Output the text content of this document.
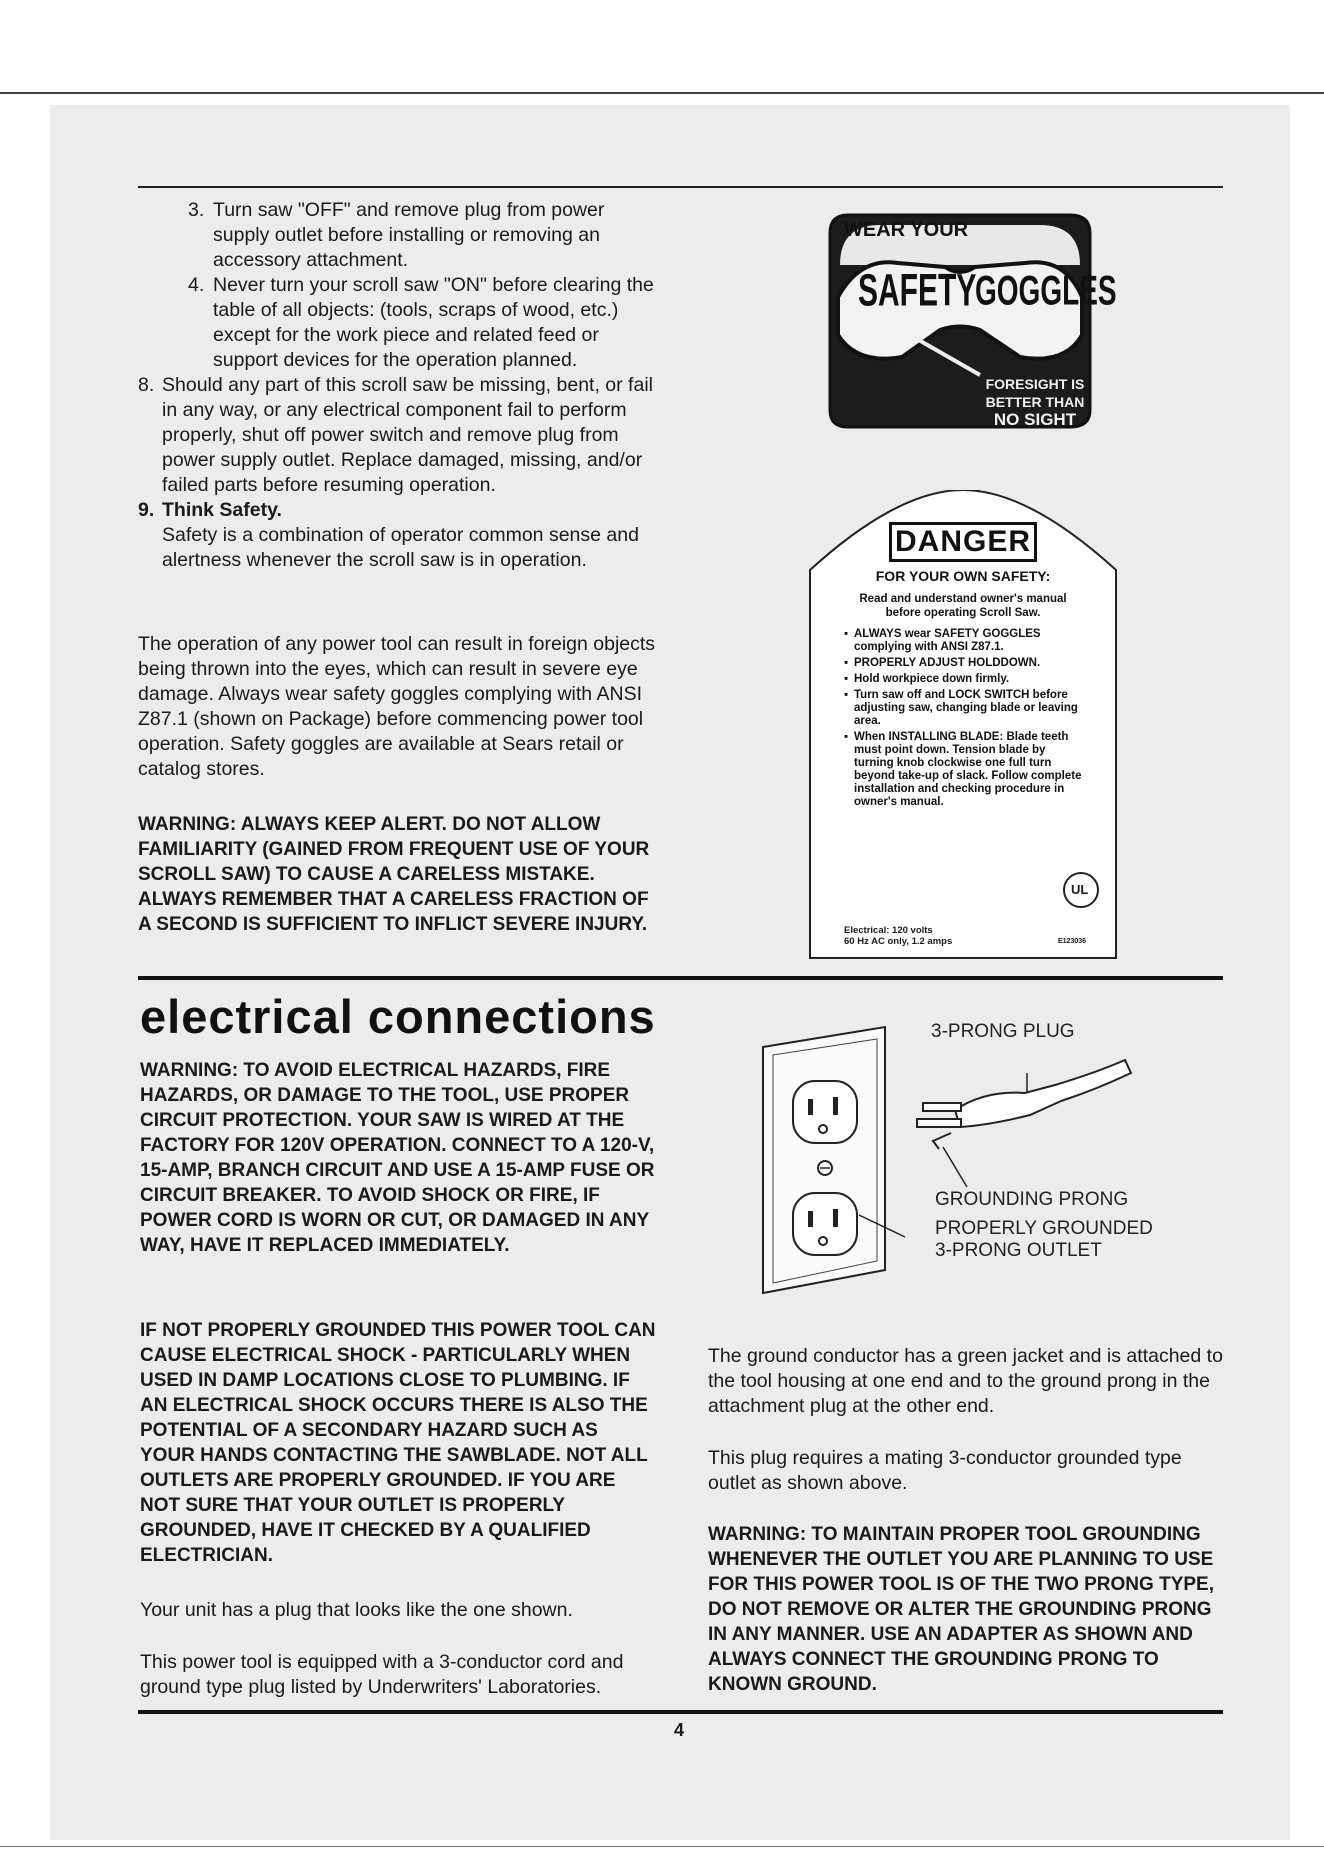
3. Turn saw "OFF" and remove plug from power supply outlet before installing or removing an accessory attachment.
4. Never turn your scroll saw "ON" before clearing the table of all objects: (tools, scraps of wood, etc.) except for the work piece and related feed or support devices for the operation planned.
8. Should any part of this scroll saw be missing, bent, or fail in any way, or any electrical component fail to perform properly, shut off power switch and remove plug from power supply outlet. Replace damaged, missing, and/or failed parts before resuming operation.
9. Think Safety.
Safety is a combination of operator common sense and alertness whenever the scroll saw is in operation.

The operation of any power tool can result in foreign objects being thrown into the eyes, which can result in severe eye damage. Always wear safety goggles complying with ANSI Z87.1 (shown on Package) before commencing power tool operation. Safety goggles are available at Sears retail or catalog stores.

WARNING: ALWAYS KEEP ALERT. DO NOT ALLOW FAMILIARITY (GAINED FROM FREQUENT USE OF YOUR SCROLL SAW) TO CAUSE A CARELESS MISTAKE. ALWAYS REMEMBER THAT A CARELESS FRACTION OF A SECOND IS SUFFICIENT TO INFLICT SEVERE INJURY.

WEAR YOUR
SAFETY
GOGGLES
FORESIGHT IS
BETTER THAN
NO SIGHT
DANGER

FOR YOUR OWN SAFETY:

Read and understand owner's manual before operating Scroll Saw.

▪ ALWAYS wear SAFETY GOGGLES complying with ANSI Z87.1.
▪ PROPERLY ADJUST HOLDDOWN.
▪ Hold workpiece down firmly.
▪ Turn saw off and LOCK SWITCH before adjusting saw, changing blade or leaving area.
▪ When INSTALLING BLADE: Blade teeth must point down. Tension blade by turning knob clockwise one full turn beyond take-up of slack. Follow complete installation and checking procedure in owner's manual.
Electrical: 120 volts
60 Hz AC only, 1.2 amps
UL
E123036
electrical connections

WARNING: TO AVOID ELECTRICAL HAZARDS, FIRE HAZARDS, OR DAMAGE TO THE TOOL, USE PROPER CIRCUIT PROTECTION. YOUR SAW IS WIRED AT THE FACTORY FOR 120V OPERATION. CONNECT TO A 120-V, 15-AMP, BRANCH CIRCUIT AND USE A 15-AMP FUSE OR CIRCUIT BREAKER. TO AVOID SHOCK OR FIRE, IF POWER CORD IS WORN OR CUT, OR DAMAGED IN ANY WAY, HAVE IT REPLACED IMMEDIATELY.

IF NOT PROPERLY GROUNDED THIS POWER TOOL CAN CAUSE ELECTRICAL SHOCK - PARTICULARLY WHEN USED IN DAMP LOCATIONS CLOSE TO PLUMBING. IF AN ELECTRICAL SHOCK OCCURS THERE IS ALSO THE POTENTIAL OF A SECONDARY HAZARD SUCH AS YOUR HANDS CONTACTING THE SAWBLADE. NOT ALL OUTLETS ARE PROPERLY GROUNDED. IF YOU ARE NOT SURE THAT YOUR OUTLET IS PROPERLY GROUNDED, HAVE IT CHECKED BY A QUALIFIED ELECTRICIAN.

Your unit has a plug that looks like the one shown.

This power tool is equipped with a 3-conductor cord and ground type plug listed by Underwriters' Laboratories.

3-PRONG PLUG
GROUNDING PRONG
PROPERLY GROUNDED
3-PRONG OUTLET

The ground conductor has a green jacket and is attached to the tool housing at one end and to the ground prong in the attachment plug at the other end.

This plug requires a mating 3-conductor grounded type outlet as shown above.

WARNING: TO MAINTAIN PROPER TOOL GROUNDING WHENEVER THE OUTLET YOU ARE PLANNING TO USE FOR THIS POWER TOOL IS OF THE TWO PRONG TYPE, DO NOT REMOVE OR ALTER THE GROUNDING PRONG IN ANY MANNER. USE AN ADAPTER AS SHOWN AND ALWAYS CONNECT THE GROUNDING PRONG TO KNOWN GROUND.

4
